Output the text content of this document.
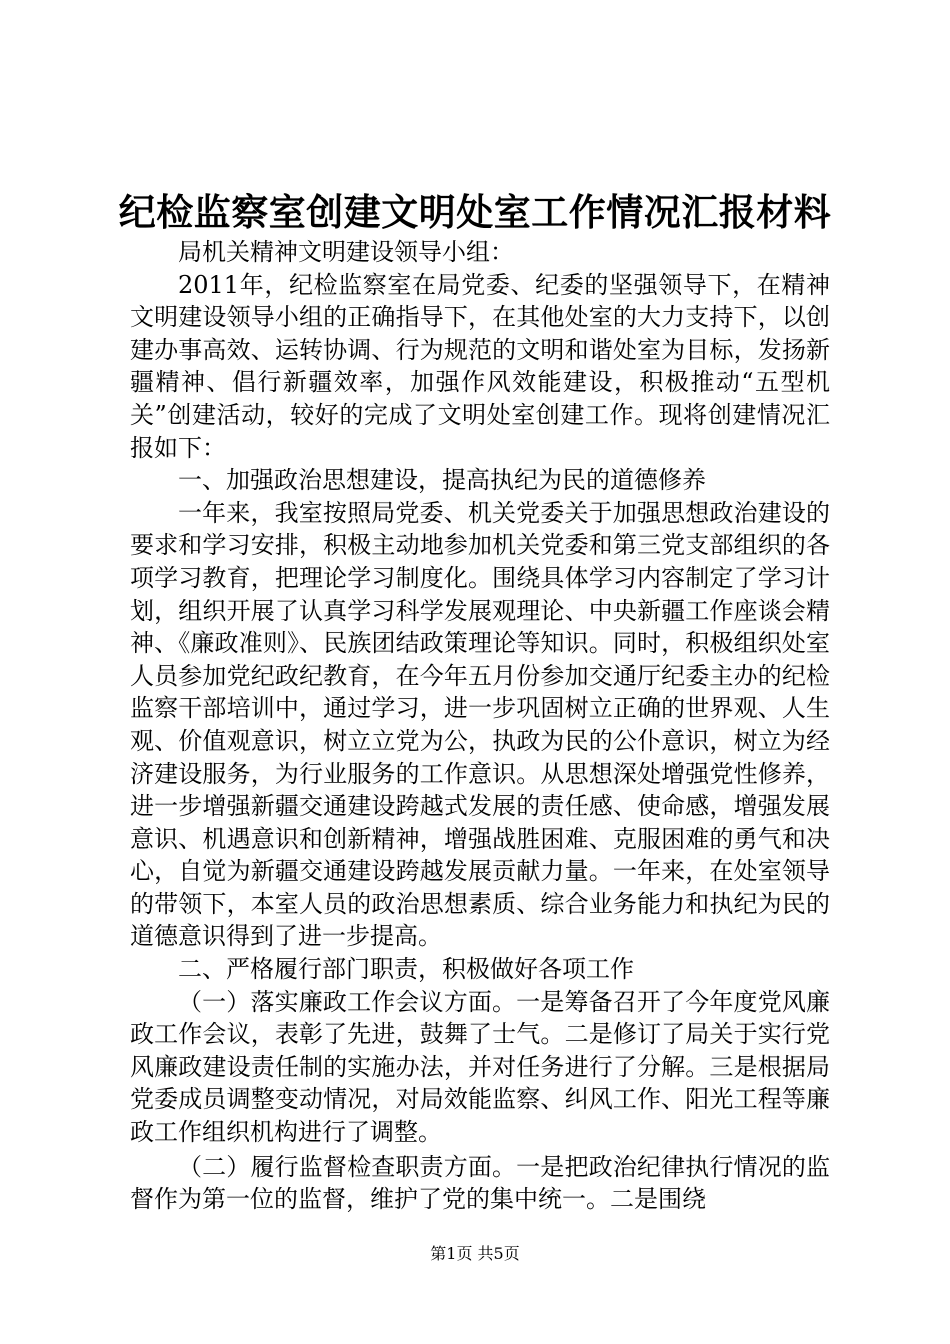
纪检监察室创建文明处室工作情况汇报材料

局机关精神文明建设领导小组：

2011年，纪检监察室在局党委、纪委的坚强领导下，在精神文明建设领导小组的正确指导下，在其他处室的大力支持下，以创建办事高效、运转协调、行为规范的文明和谐处室为目标，发扬新疆精神、倡行新疆效率，加强作风效能建设，积极推动“五型机关”创建活动，较好的完成了文明处室创建工作。现将创建情况汇报如下：

一、加强政治思想建设，提高执纪为民的道德修养

一年来，我室按照局党委、机关党委关于加强思想政治建设的要求和学习安排，积极主动地参加机关党委和第三党支部组织的各项学习教育，把理论学习制度化。围绕具体学习内容制定了学习计划，组织开展了认真学习科学发展观理论、中央新疆工作座谈会精神、《廉政准则》、民族团结政策理论等知识。同时，积极组织处室人员参加党纪政纪教育，在今年五月份参加交通厅纪委主办的纪检监察干部培训中，通过学习，进一步巩固树立正确的世界观、人生观、价值观意识，树立立党为公，执政为民的公仆意识，树立为经济建设服务，为行业服务的工作意识。从思想深处增强党性修养，进一步增强新疆交通建设跨越式发展的责任感、使命感，增强发展意识、机遇意识和创新精神，增强战胜困难、克服困难的勇气和决心，自觉为新疆交通建设跨越发展贡献力量。一年来，在处室领导的带领下，本室人员的政治思想素质、综合业务能力和执纪为民的道德意识得到了进一步提高。

二、严格履行部门职责，积极做好各项工作

（一）落实廉政工作会议方面。一是筹备召开了今年度党风廉政工作会议，表彰了先进，鼓舞了士气。二是修订了局关于实行党风廉政建设责任制的实施办法，并对任务进行了分解。三是根据局党委成员调整变动情况，对局效能监察、纠风工作、阳光工程等廉政工作组织机构进行了调整。

（二）履行监督检查职责方面。一是把政治纪律执行情况的监督作为第一位的监督，维护了党的集中统一。二是围绕

第1页 共5页
